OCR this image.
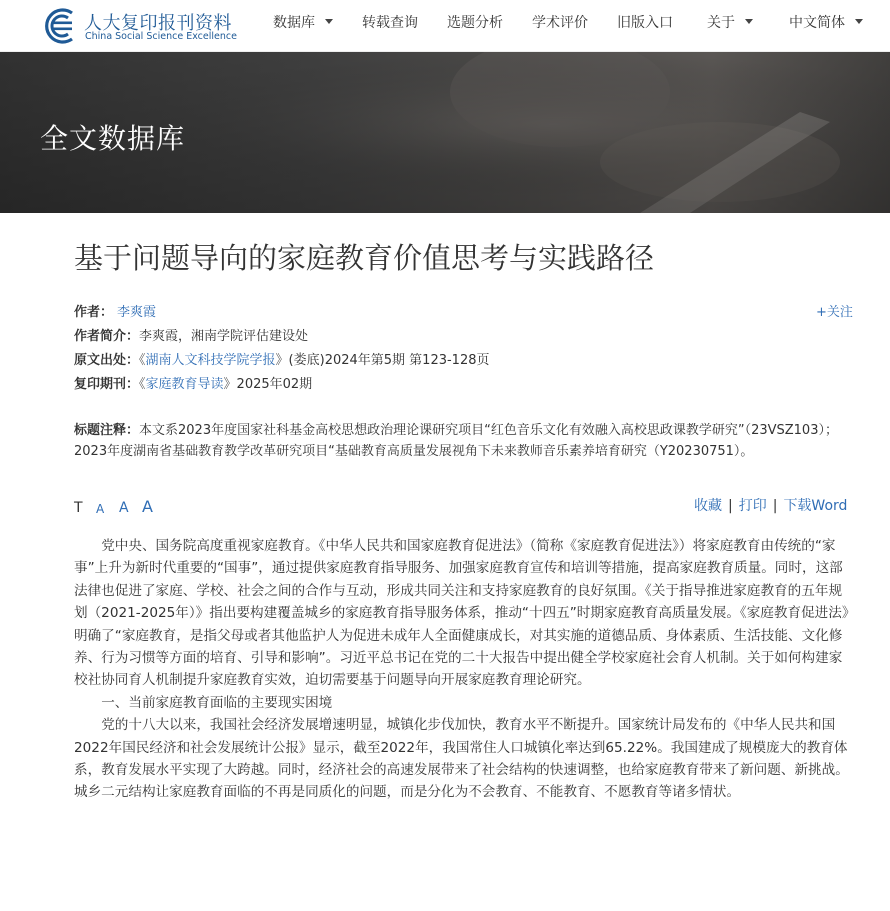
人大复印报刊资料
China Social Science Excellence
数据库	转载查询 选题分析 学术评价 旧版入口 关于	中文简体
全文数据库
基于问题导向的家庭教育价值思考与实践路径
作者： 李爽霞	+关注
作者简介：李爽霞，湘南学院评估建设处
原文出处：《湖南人文科技学院学报》(娄底)2024年第5期 第123-128页
复印期刊：《家庭教育导读》2025年02期
标题注释：本文系2023年度国家社科基金高校思想政治理论课研究项目“红色音乐文化有效融入高校思政课教学研究”（23VSZ103）；2023年度湖南省基础教育教学改革研究项目“基础教育高质量发展视角下未来教师音乐素养培育研究（Y20230751）。
T A A A	收藏 | 打印 | 下载Word

党中央、国务院高度重视家庭教育。《中华人民共和国家庭教育促进法》（简称《家庭教育促进法》）将家庭教育由传统的“家事”上升为新时代重要的“国事”，通过提供家庭教育指导服务、加强家庭教育宣传和培训等措施，提高家庭教育质量。同时，这部法律也促进了家庭、学校、社会之间的合作与互动，形成共同关注和支持家庭教育的良好氛围。《关于指导推进家庭教育的五年规划（2021-2025年）》指出要构建覆盖城乡的家庭教育指导服务体系，推动“十四五”时期家庭教育高质量发展。《家庭教育促进法》明确了“家庭教育，是指父母或者其他监护人为促进未成年人全面健康成长，对其实施的道德品质、身体素质、生活技能、文化修养、行为习惯等方面的培育、引导和影响”。习近平总书记在党的二十大报告中提出健全学校家庭社会育人机制。关于如何构建家校社协同育人机制提升家庭教育实效，迫切需要基于问题导向开展家庭教育理论研究。

一、当前家庭教育面临的主要现实困境

党的十八大以来，我国社会经济发展增速明显，城镇化步伐加快，教育水平不断提升。国家统计局发布的《中华人民共和国2022年国民经济和社会发展统计公报》显示，截至2022年，我国常住人口城镇化率达到65.22%。我国建成了规模庞大的教育体系，教育发展水平实现了大跨越。同时，经济社会的高速发展带来了社会结构的快速调整，也给家庭教育带来了新问题、新挑战。城乡二元结构让家庭教育面临的不再是同质化的问题，而是分化为不会教育、不能教育、不愿教育等诸多情状。
